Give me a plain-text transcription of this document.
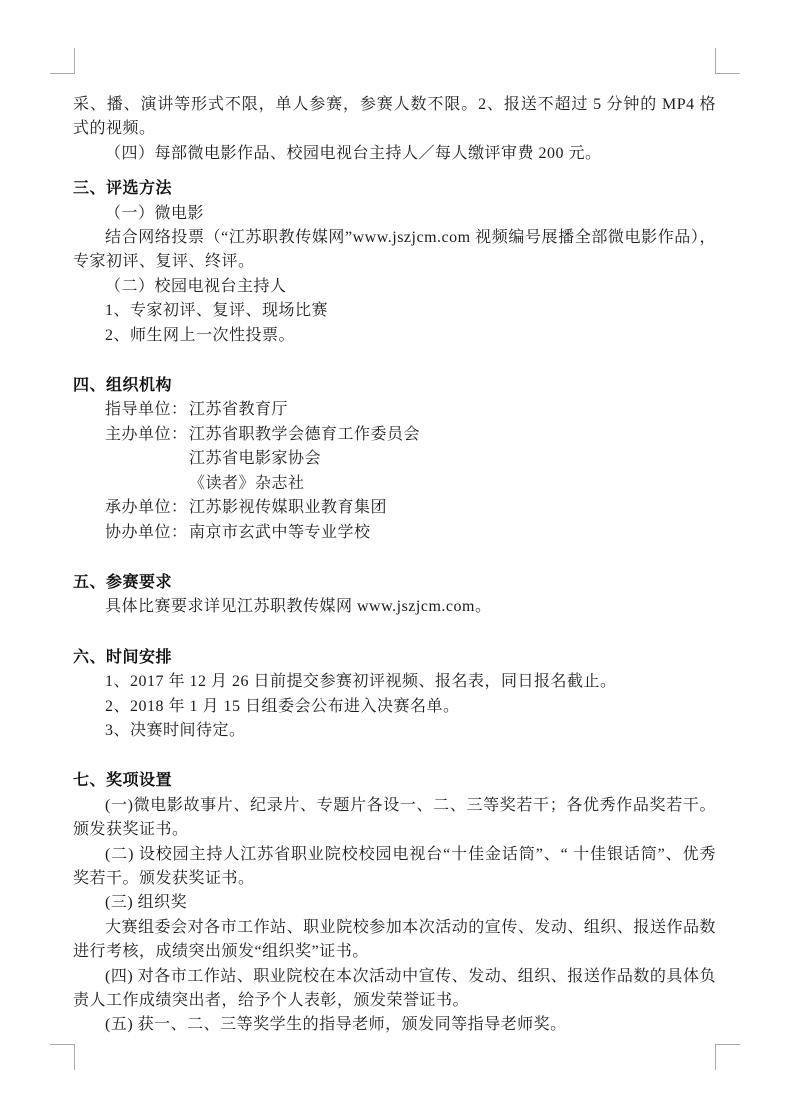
采、播、演讲等形式不限，单人参赛，参赛人数不限。2、报送不超过 5 分钟的 MP4 格式的视频。

（四）每部微电影作品、校园电视台主持人／每人缴评审费 200 元。

三、评选方法

（一）微电影

结合网络投票（“江苏职教传媒网”www.jszjcm.com 视频编号展播全部微电影作品），专家初评、复评、终评。

（二）校园电视台主持人

1、专家初评、复评、现场比赛

2、师生网上一次性投票。

四、组织机构
指导单位： 江苏省教育厅
主办单位： 江苏省职教学会德育工作委员会
江苏省电影家协会
《读者》杂志社
承办单位： 江苏影视传媒职业教育集团
协办单位： 南京市玄武中等专业学校
五、参赛要求

具体比赛要求详见江苏职教传媒网 www.jszjcm.com。

六、时间安排

1、2017 年 12 月 26 日前提交参赛初评视频、报名表，同日报名截止。

2、2018 年 1 月 15 日组委会公布进入决赛名单。

3、决赛时间待定。

七、奖项设置

(一)微电影故事片、纪录片、专题片各设一、二、三等奖若干；各优秀作品奖若干。颁发获奖证书。

(二) 设校园主持人江苏省职业院校校园电视台“十佳金话筒”、“ 十佳银话筒”、优秀奖若干。颁发获奖证书。

(三) 组织奖

大赛组委会对各市工作站、职业院校参加本次活动的宣传、发动、组织、报送作品数进行考核，成绩突出颁发“组织奖”证书。

(四) 对各市工作站、职业院校在本次活动中宣传、发动、组织、报送作品数的具体负责人工作成绩突出者，给予个人表彰，颁发荣誉证书。

(五) 获一、二、三等奖学生的指导老师，颁发同等指导老师奖。
